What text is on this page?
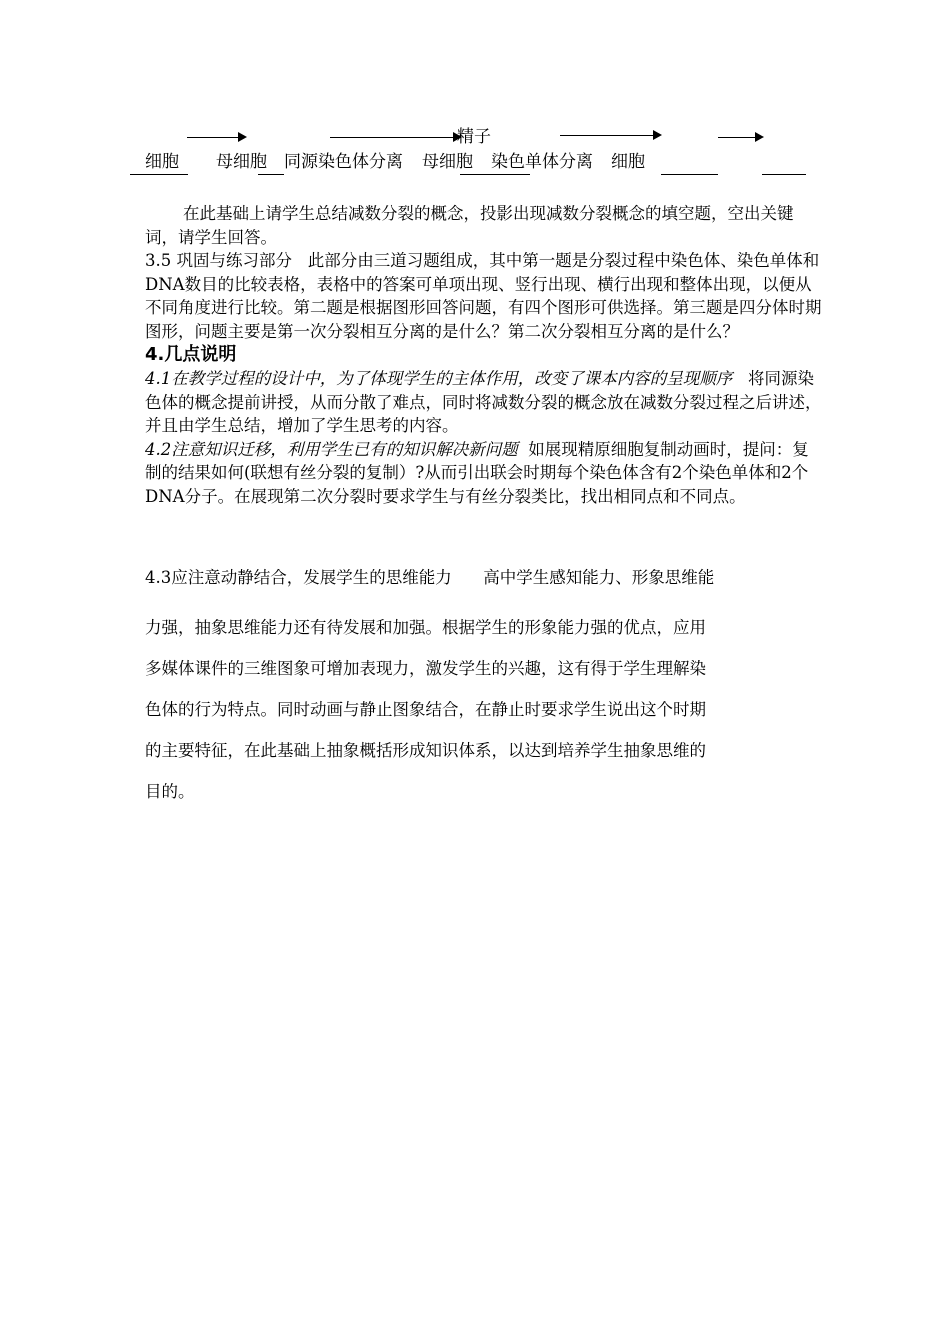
精子
细胞 母细胞 同源染色体分离 母细胞 染色单体分离 细胞

在此基础上请学生总结减数分裂的概念，投影出现减数分裂概念的填空题，空出关键词，请学生回答。

3.5 巩固与练习部分 此部分由三道习题组成，其中第一题是分裂过程中染色体、染色单体和DNA数目的比较表格，表格中的答案可单项出现、竖行出现、横行出现和整体出现，以便从不同角度进行比较。第二题是根据图形回答问题，有四个图形可供选择。第三题是四分体时期图形，问题主要是第一次分裂相互分离的是什么？第二次分裂相互分离的是什么？

4.几点说明

4.1在教学过程的设计中，为了体现学生的主体作用，改变了课本内容的呈现顺序 将同源染色体的概念提前讲授，从而分散了难点，同时将减数分裂的概念放在减数分裂过程之后讲述，并且由学生总结，增加了学生思考的内容。

4.2注意知识迁移，利用学生已有的知识解决新问题 如展现精原细胞复制动画时，提问：复制的结果如何(联想有丝分裂的复制）?从而引出联会时期每个染色体含有2个染色单体和2个DNA分子。在展现第二次分裂时要求学生与有丝分裂类比，找出相同点和不同点。

4.3应注意动静结合，发展学生的思维能力 高中学生感知能力、形象思维能

力强，抽象思维能力还有待发展和加强。根据学生的形象能力强的优点，应用

多媒体课件的三维图象可增加表现力，激发学生的兴趣，这有得于学生理解染

色体的行为特点。同时动画与静止图象结合，在静止时要求学生说出这个时期

的主要特征，在此基础上抽象概括形成知识体系，以达到培养学生抽象思维的

目的。
